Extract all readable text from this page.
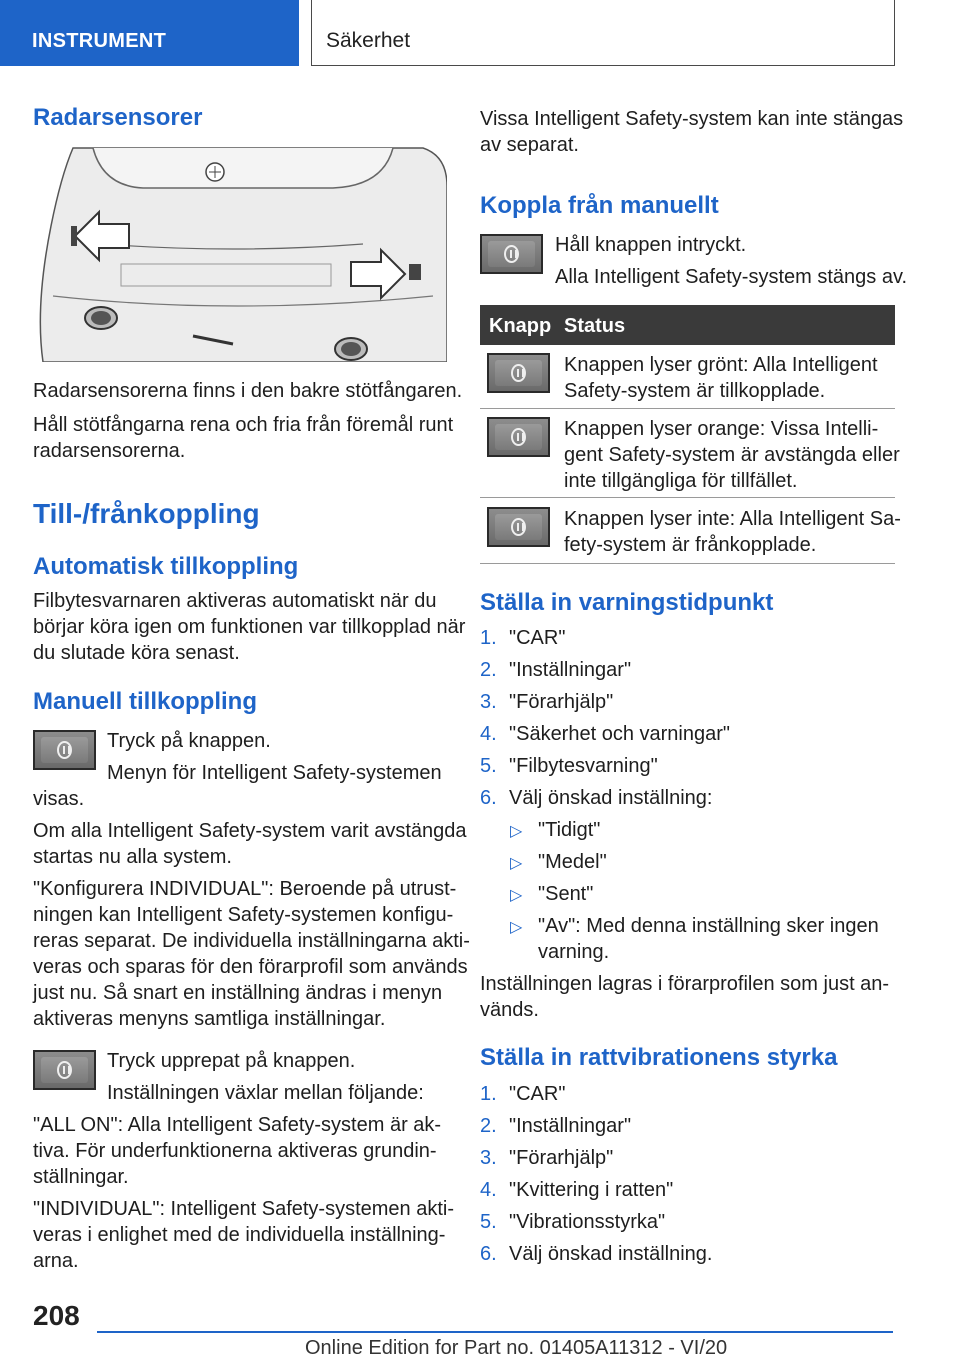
INSTRUMENT	Säkerhet
Radarsensorer
Radarsensorerna finns i den bakre stötfångaren.
Håll stötfångarna rena och fria från föremål runt
radarsensorerna.
Till-/frånkoppling
Automatisk tillkoppling
Filbytesvarnaren aktiveras automatiskt när du
börjar köra igen om funktionen var tillkopplad när
du slutade köra senast.
Manuell tillkoppling
Tryck på knappen.
Menyn för Intelligent Safety-systemen
visas.
Om alla Intelligent Safety-system varit avstängda
startas nu alla system.
"Konfigurera INDIVIDUAL": Beroende på utrust-
ningen kan Intelligent Safety-systemen konfigu-
reras separat. De individuella inställningarna akti-
veras och sparas för den förarprofil som används
just nu. Så snart en inställning ändras i menyn
aktiveras menyns samtliga inställningar.
Tryck upprepat på knappen.
Inställningen växlar mellan följande:
"ALL ON": Alla Intelligent Safety-system är ak-
tiva. För underfunktionerna aktiveras grundin-
ställningar.
"INDIVIDUAL": Intelligent Safety-systemen akti-
veras i enlighet med de individuella inställning-
arna.
Vissa Intelligent Safety-system kan inte stängas
av separat.
Koppla från manuellt
Håll knappen intryckt.
Alla Intelligent Safety-system stängs av.
Knapp Status
Knappen lyser grönt: Alla Intelligent
Safety-system är tillkopplade.
Knappen lyser orange: Vissa Intelli-
gent Safety-system är avstängda eller
inte tillgängliga för tillfället.
Knappen lyser inte: Alla Intelligent Sa-
fety-system är frånkopplade.
Ställa in varningstidpunkt
1. "CAR"
2. "Inställningar"
3. "Förarhjälp"
4. "Säkerhet och varningar"
5. "Filbytesvarning"
6. Välj önskad inställning:
▷ "Tidigt"
▷ "Medel"
▷ "Sent"
▷ "Av": Med denna inställning sker ingen
varning.
Inställningen lagras i förarprofilen som just an-
vänds.
Ställa in rattvibrationens styrka
1. "CAR"
2. "Inställningar"
3. "Förarhjälp"
4. "Kvittering i ratten"
5. "Vibrationsstyrka"
6. Välj önskad inställning.
208
Online Edition for Part no. 01405A11312 - VI/20
